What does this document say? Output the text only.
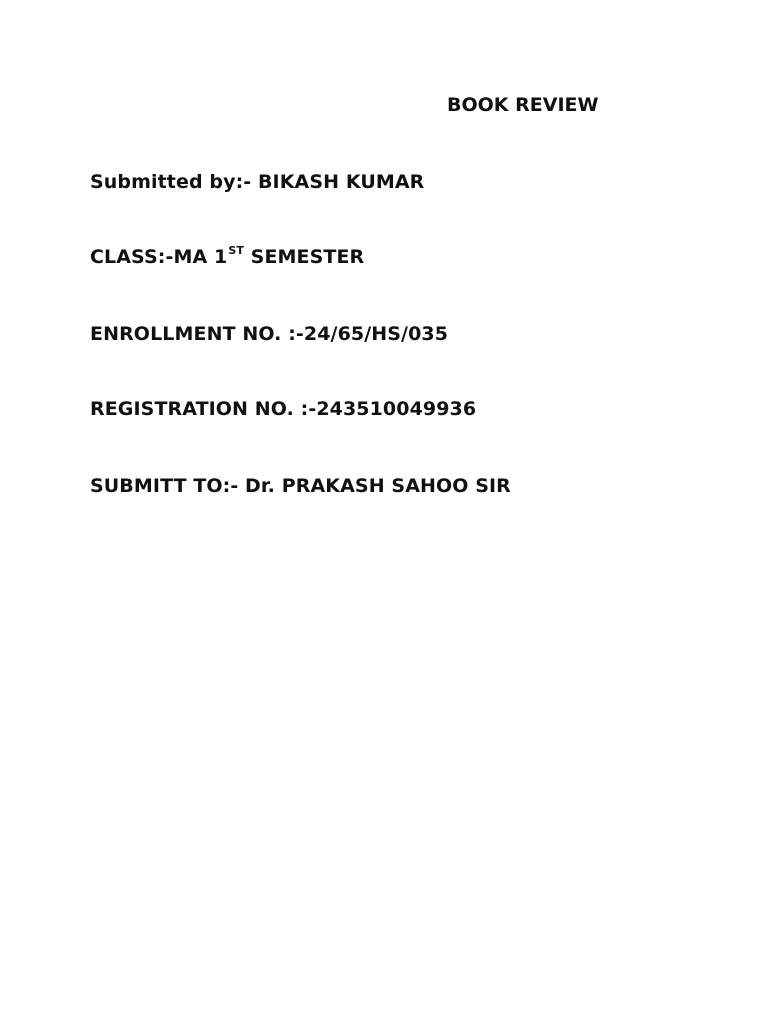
BOOK REVIEW
Submitted by:- BIKASH KUMAR
CLASS:-MA 1ST SEMESTER
ENROLLMENT NO. :-24/65/HS/035
REGISTRATION NO. :-243510049936
SUBMITT TO:- Dr. PRAKASH SAHOO SIR
